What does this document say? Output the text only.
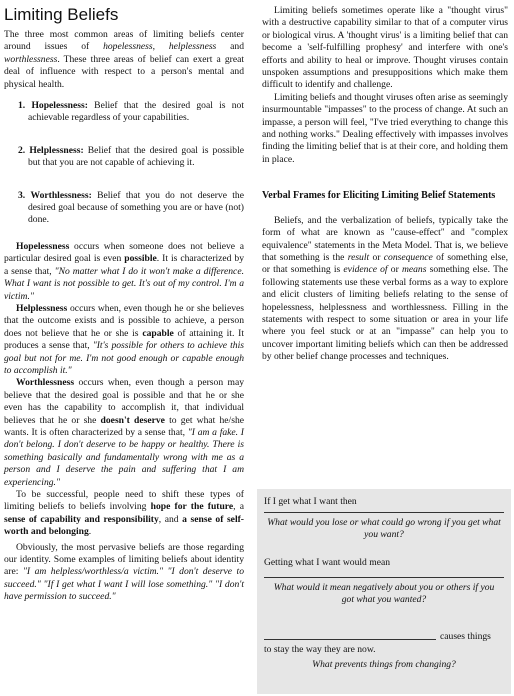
Limiting Beliefs

The three most common areas of limiting beliefs center around issues of hopelessness, helplessness and worthlessness. These three areas of belief can exert a great deal of influence with respect to a person's mental and physical health.

1. Hopelessness: Belief that the desired goal is not achievable regardless of your capabilities.
2. Helplessness: Belief that the desired goal is possible but that you are not capable of achieving it.
3. Worthlessness: Belief that you do not deserve the desired goal because of something you are or have (not) done.

Hopelessness occurs when someone does not believe a particular desired goal is even possible. It is characterized by a sense that, "No matter what I do it won't make a difference. What I want is not possible to get. It's out of my control. I'm a victim."

Helplessness occurs when, even though he or she believes that the outcome exists and is possible to achieve, a person does not believe that he or she is capable of attaining it. It produces a sense that, "It's possible for others to achieve this goal but not for me. I'm not good enough or capable enough to accomplish it."

Worthlessness occurs when, even though a person may believe that the desired goal is possible and that he or she even has the capability to accomplish it, that individual believes that he or she doesn't deserve to get what he/she wants. It is often characterized by a sense that, "I am a fake. I don't belong. I don't deserve to be happy or healthy. There is something basically and fundamentally wrong with me as a person and I deserve the pain and suffering that I am experiencing."

To be successful, people need to shift these types of limiting beliefs to beliefs involving hope for the future, a sense of capability and responsibility, and a sense of self-worth and belonging.

Obviously, the most pervasive beliefs are those regarding our identity. Some examples of limiting beliefs about identity are: "I am helpless/worthless/a victim." "I don't deserve to succeed." "If I get what I want I will lose something." "I don't have permission to succeed."

Limiting beliefs sometimes operate like a "thought virus" with a destructive capability similar to that of a computer virus or biological virus. A 'thought virus' is a limiting belief that can become a 'self-fulfilling prophesy' and interfere with one's efforts and ability to heal or improve. Thought viruses contain unspoken assumptions and presuppositions which make them difficult to identify and challenge.

Limiting beliefs and thought viruses often arise as seemingly insurmountable "impasses" to the process of change. At such an impasse, a person will feel, "I've tried everything to change this and nothing works." Dealing effectively with impasses involves finding the limiting belief that is at their core, and holding them in place.

Verbal Frames for Eliciting Limiting Belief Statements

Beliefs, and the verbalization of beliefs, typically take the form of what are known as "cause-effect" and "complex equivalence" statements in the Meta Model. That is, we believe that something is the result or consequence of something else, or that something is evidence of or means something else. The following statements use these verbal forms as a way to explore and elicit clusters of limiting beliefs relating to the sense of hopelessness, helplessness and worthlessness. Filling in the statements with respect to some situation or area in your life where you feel stuck or at an "impasse" can help you to uncover important limiting beliefs which can then be addressed by other belief change processes and techniques.

If I get what I want then
What would you lose or what could go wrong if you get what you want?
Getting what I want would mean
What would it mean negatively about you or others if you got what you wanted?
causes things
to stay the way they are now.
What prevents things from changing?
